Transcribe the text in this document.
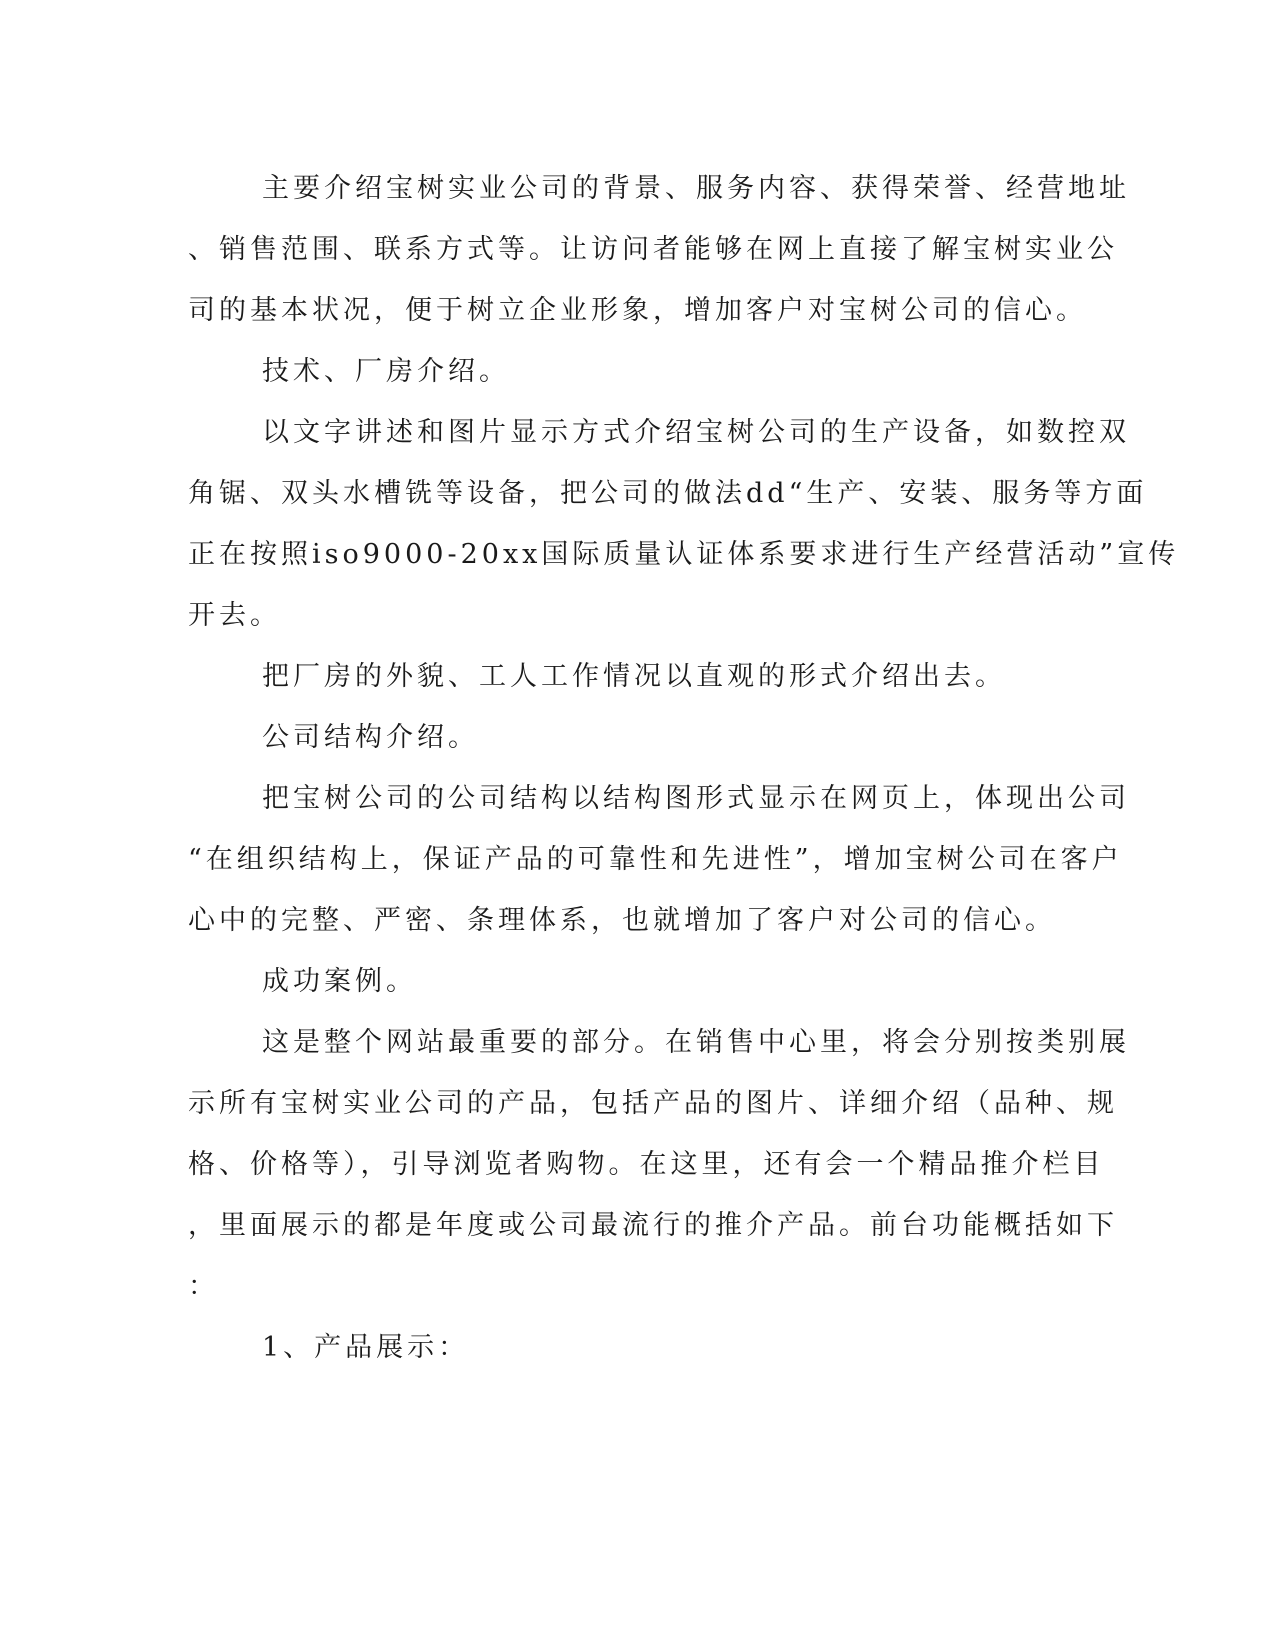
主要介绍宝树实业公司的背景、服务内容、获得荣誉、经营地址
、销售范围、联系方式等。让访问者能够在网上直接了解宝树实业公
司的基本状况，便于树立企业形象，增加客户对宝树公司的信心。
技术、厂房介绍。
以文字讲述和图片显示方式介绍宝树公司的生产设备，如数控双
角锯、双头水槽铣等设备，把公司的做法dd“生产、安装、服务等方面
正在按照iso9000-20xx国际质量认证体系要求进行生产经营活动”宣传
开去。
把厂房的外貌、工人工作情况以直观的形式介绍出去。
公司结构介绍。
把宝树公司的公司结构以结构图形式显示在网页上，体现出公司
“在组织结构上，保证产品的可靠性和先进性”，增加宝树公司在客户
心中的完整、严密、条理体系，也就增加了客户对公司的信心。
成功案例。
这是整个网站最重要的部分。在销售中心里，将会分别按类别展
示所有宝树实业公司的产品，包括产品的图片、详细介绍（品种、规
格、价格等），引导浏览者购物。在这里，还有会一个精品推介栏目
，里面展示的都是年度或公司最流行的推介产品。前台功能概括如下
：
1、产品展示：
